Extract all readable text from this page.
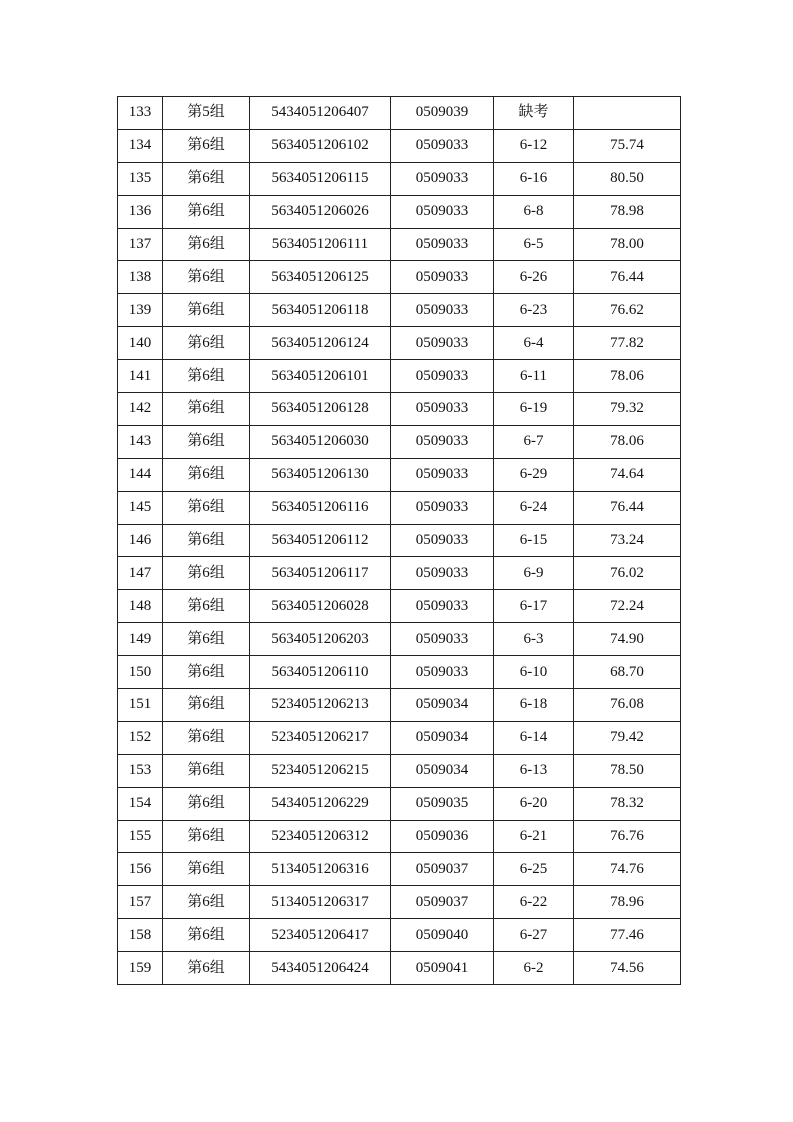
133	第5组	5434051206407	0509039	缺考	
134	第6组	5634051206102	0509033	6-12	75.74
135	第6组	5634051206115	0509033	6-16	80.50
136	第6组	5634051206026	0509033	6-8	78.98
137	第6组	5634051206111	0509033	6-5	78.00
138	第6组	5634051206125	0509033	6-26	76.44
139	第6组	5634051206118	0509033	6-23	76.62
140	第6组	5634051206124	0509033	6-4	77.82
141	第6组	5634051206101	0509033	6-11	78.06
142	第6组	5634051206128	0509033	6-19	79.32
143	第6组	5634051206030	0509033	6-7	78.06
144	第6组	5634051206130	0509033	6-29	74.64
145	第6组	5634051206116	0509033	6-24	76.44
146	第6组	5634051206112	0509033	6-15	73.24
147	第6组	5634051206117	0509033	6-9	76.02
148	第6组	5634051206028	0509033	6-17	72.24
149	第6组	5634051206203	0509033	6-3	74.90
150	第6组	5634051206110	0509033	6-10	68.70
151	第6组	5234051206213	0509034	6-18	76.08
152	第6组	5234051206217	0509034	6-14	79.42
153	第6组	5234051206215	0509034	6-13	78.50
154	第6组	5434051206229	0509035	6-20	78.32
155	第6组	5234051206312	0509036	6-21	76.76
156	第6组	5134051206316	0509037	6-25	74.76
157	第6组	5134051206317	0509037	6-22	78.96
158	第6组	5234051206417	0509040	6-27	77.46
159	第6组	5434051206424	0509041	6-2	74.56
